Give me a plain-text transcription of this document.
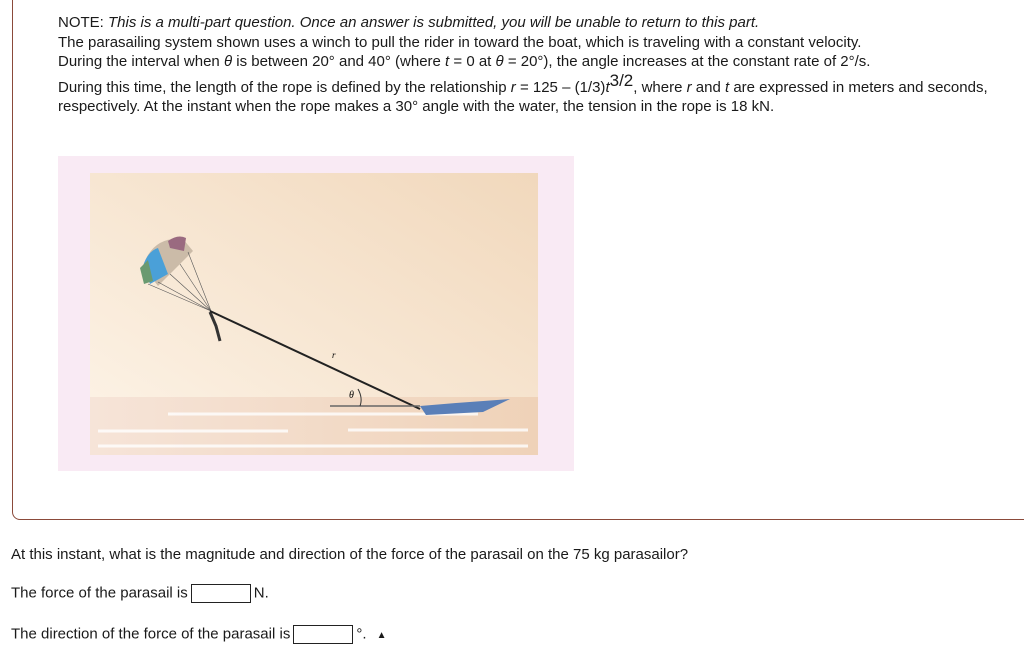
NOTE: This is a multi-part question. Once an answer is submitted, you will be unable to return to this part.
The parasailing system shown uses a winch to pull the rider in toward the boat, which is traveling with a constant velocity.
During the interval when θ is between 20° and 40° (where t = 0 at θ = 20°), the angle increases at the constant rate of 2°/s.
During this time, the length of the rope is defined by the relationship $r = 125 - (1/3)t^{3/2}$, where r and t are expressed in meters and seconds, respectively. At the instant when the rope makes a 30° angle with the water, the tension in the rope is 18 kN.
r
θ
At this instant, what is the magnitude and direction of the force of the parasail on the 75 kg parasailor?
The force of the parasail is	N.
The direction of the force of the parasail is	°. ▲
